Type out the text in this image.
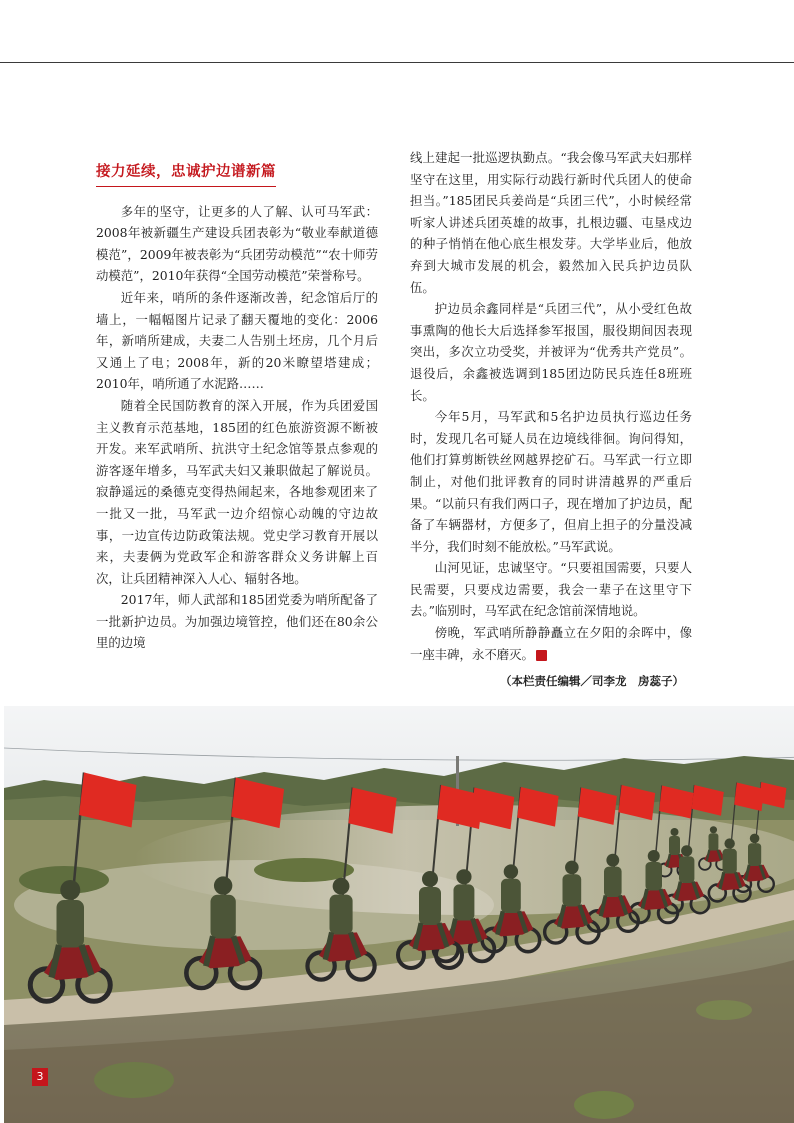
接力延续，忠诚护边谱新篇

多年的坚守，让更多的人了解、认可马军武：2008年被新疆生产建设兵团表彰为“敬业奉献道德模范”，2009年被表彰为“兵团劳动模范”“农十师劳动模范”，2010年获得“全国劳动模范”荣誉称号。

近年来，哨所的条件逐渐改善，纪念馆后厅的墙上，一幅幅图片记录了翻天覆地的变化：2006年，新哨所建成，夫妻二人告别土坯房，几个月后又通上了电；2008年，新的20米瞭望塔建成；2010年，哨所通了水泥路……

随着全民国防教育的深入开展，作为兵团爱国主义教育示范基地，185团的红色旅游资源不断被开发。来军武哨所、抗洪守土纪念馆等景点参观的游客逐年增多，马军武夫妇又兼职做起了解说员。寂静遥远的桑德克变得热闹起来，各地参观团来了一批又一批，马军武一边介绍惊心动魄的守边故事，一边宣传边防政策法规。党史学习教育开展以来，夫妻俩为党政军企和游客群众义务讲解上百次，让兵团精神深入人心、辐射各地。

2017年，师人武部和185团党委为哨所配备了一批新护边员。为加强边境管控，他们还在80余公里的边境

线上建起一批巡逻执勤点。“我会像马军武夫妇那样坚守在这里，用实际行动践行新时代兵团人的使命担当。”185团民兵姜尚是“兵团三代”，小时候经常听家人讲述兵团英雄的故事，扎根边疆、屯垦戍边的种子悄悄在他心底生根发芽。大学毕业后，他放弃到大城市发展的机会，毅然加入民兵护边员队伍。

护边员余鑫同样是“兵团三代”，从小受红色故事熏陶的他长大后选择参军报国，服役期间因表现突出，多次立功受奖，并被评为“优秀共产党员”。退役后，余鑫被选调到185团边防民兵连任8班班长。

今年5月，马军武和5名护边员执行巡边任务时，发现几名可疑人员在边境线徘徊。询问得知，他们打算剪断铁丝网越界挖矿石。马军武一行立即制止，对他们批评教育的同时讲清越界的严重后果。“以前只有我们两口子，现在增加了护边员，配备了车辆器材，方便多了，但肩上担子的分量没减半分，我们时刻不能放松。”马军武说。

山河见证，忠诚坚守。“只要祖国需要，只要人民需要，只要戍边需要，我会一辈子在这里守下去。”临别时，马军武在纪念馆前深情地说。

傍晚，军武哨所静静矗立在夕阳的余晖中，像一座丰碑，永不磨灭。	图

（本栏责任编辑／司李龙　房蕊子）
3
